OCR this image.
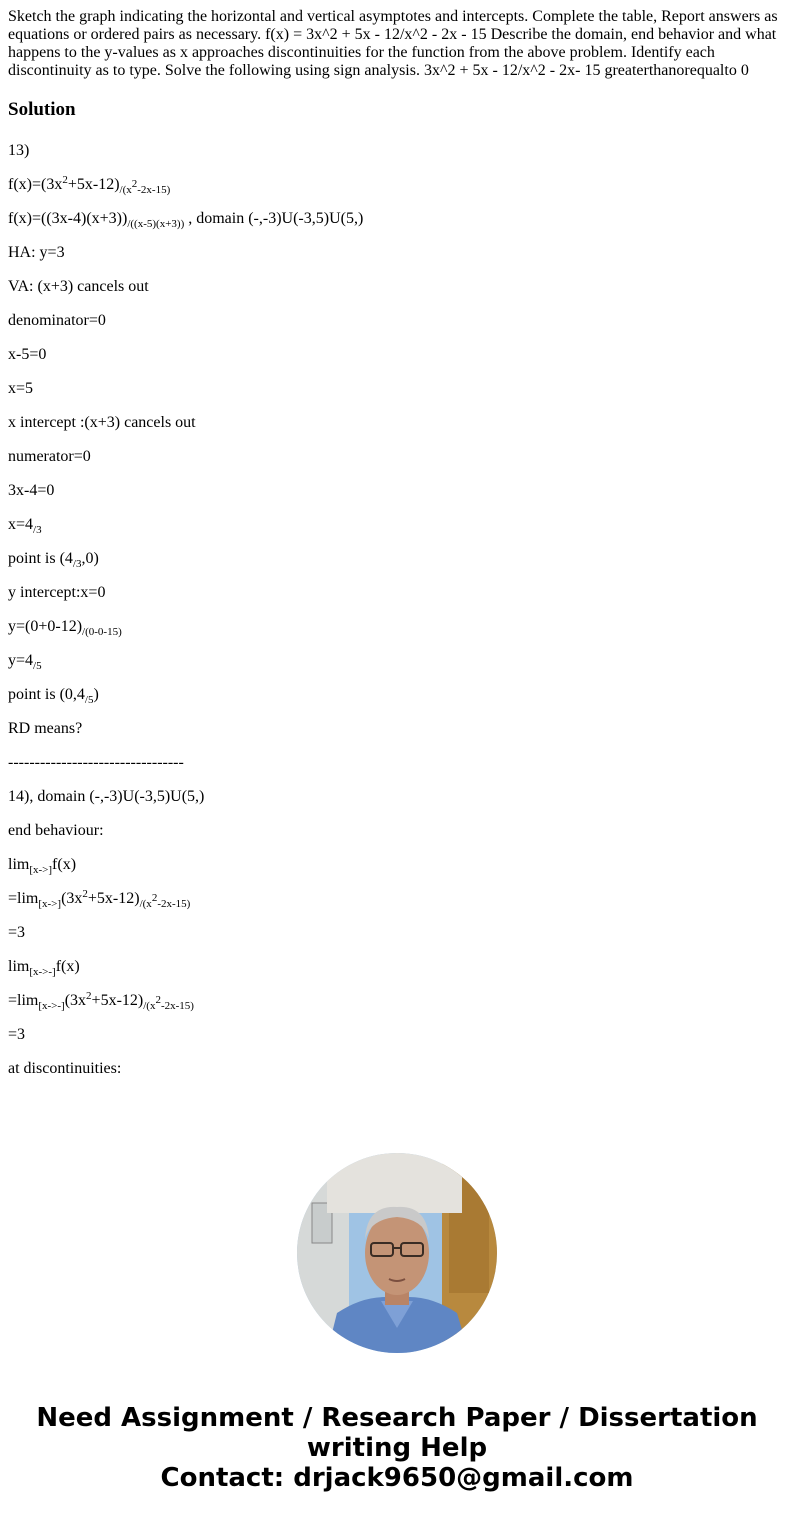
Sketch the graph indicating the horizontal and vertical asymptotes and intercepts. Complete the table, Report answers as equations or ordered pairs as necessary. f(x) = 3x^2 + 5x - 12/x^2 - 2x - 15 Describe the domain, end behavior and what happens to the y-values as x approaches discontinuities for the function from the above problem. Identify each discontinuity as to type. Solve the following using sign analysis. 3x^2 + 5x - 12/x^2 - 2x- 15 greaterthanorequalto 0
Solution

13)

$f(x)=(3x^2+5x-12)_{/(x^2-2x-15)}$

$f(x)=((3x-4)(x+3))_{/((x-5)(x+3))}$ , domain (-,-3)U(-3,5)U(5,)

HA: y=3

VA: (x+3) cancels out

denominator=0

x-5=0

x=5

x intercept :(x+3) cancels out

numerator=0

3x-4=0

$x=4_{/3}$

point is $(4_{/3},0)$

y intercept:x=0

$y=(0+0-12)_{/(0-0-15)}$

$y=4_{/5}$

point is $(0,4_{/5})$

RD means?

---------------------------------

14), domain (-,-3)U(-3,5)U(5,)

end behaviour:

$\lim_{[x->]}f(x)$

$=\lim_{[x->]}(3x^2+5x-12)_{/(x^2-2x-15)}$

=3

$\lim_{[x->-]}f(x)$

$=\lim_{[x->-]}(3x^2+5x-12)_{/(x^2-2x-15)}$

=3

at discontinuities:

Need Assignment / Research Paper / Dissertation
writing Help
Contact: drjack9650@gmail.com
